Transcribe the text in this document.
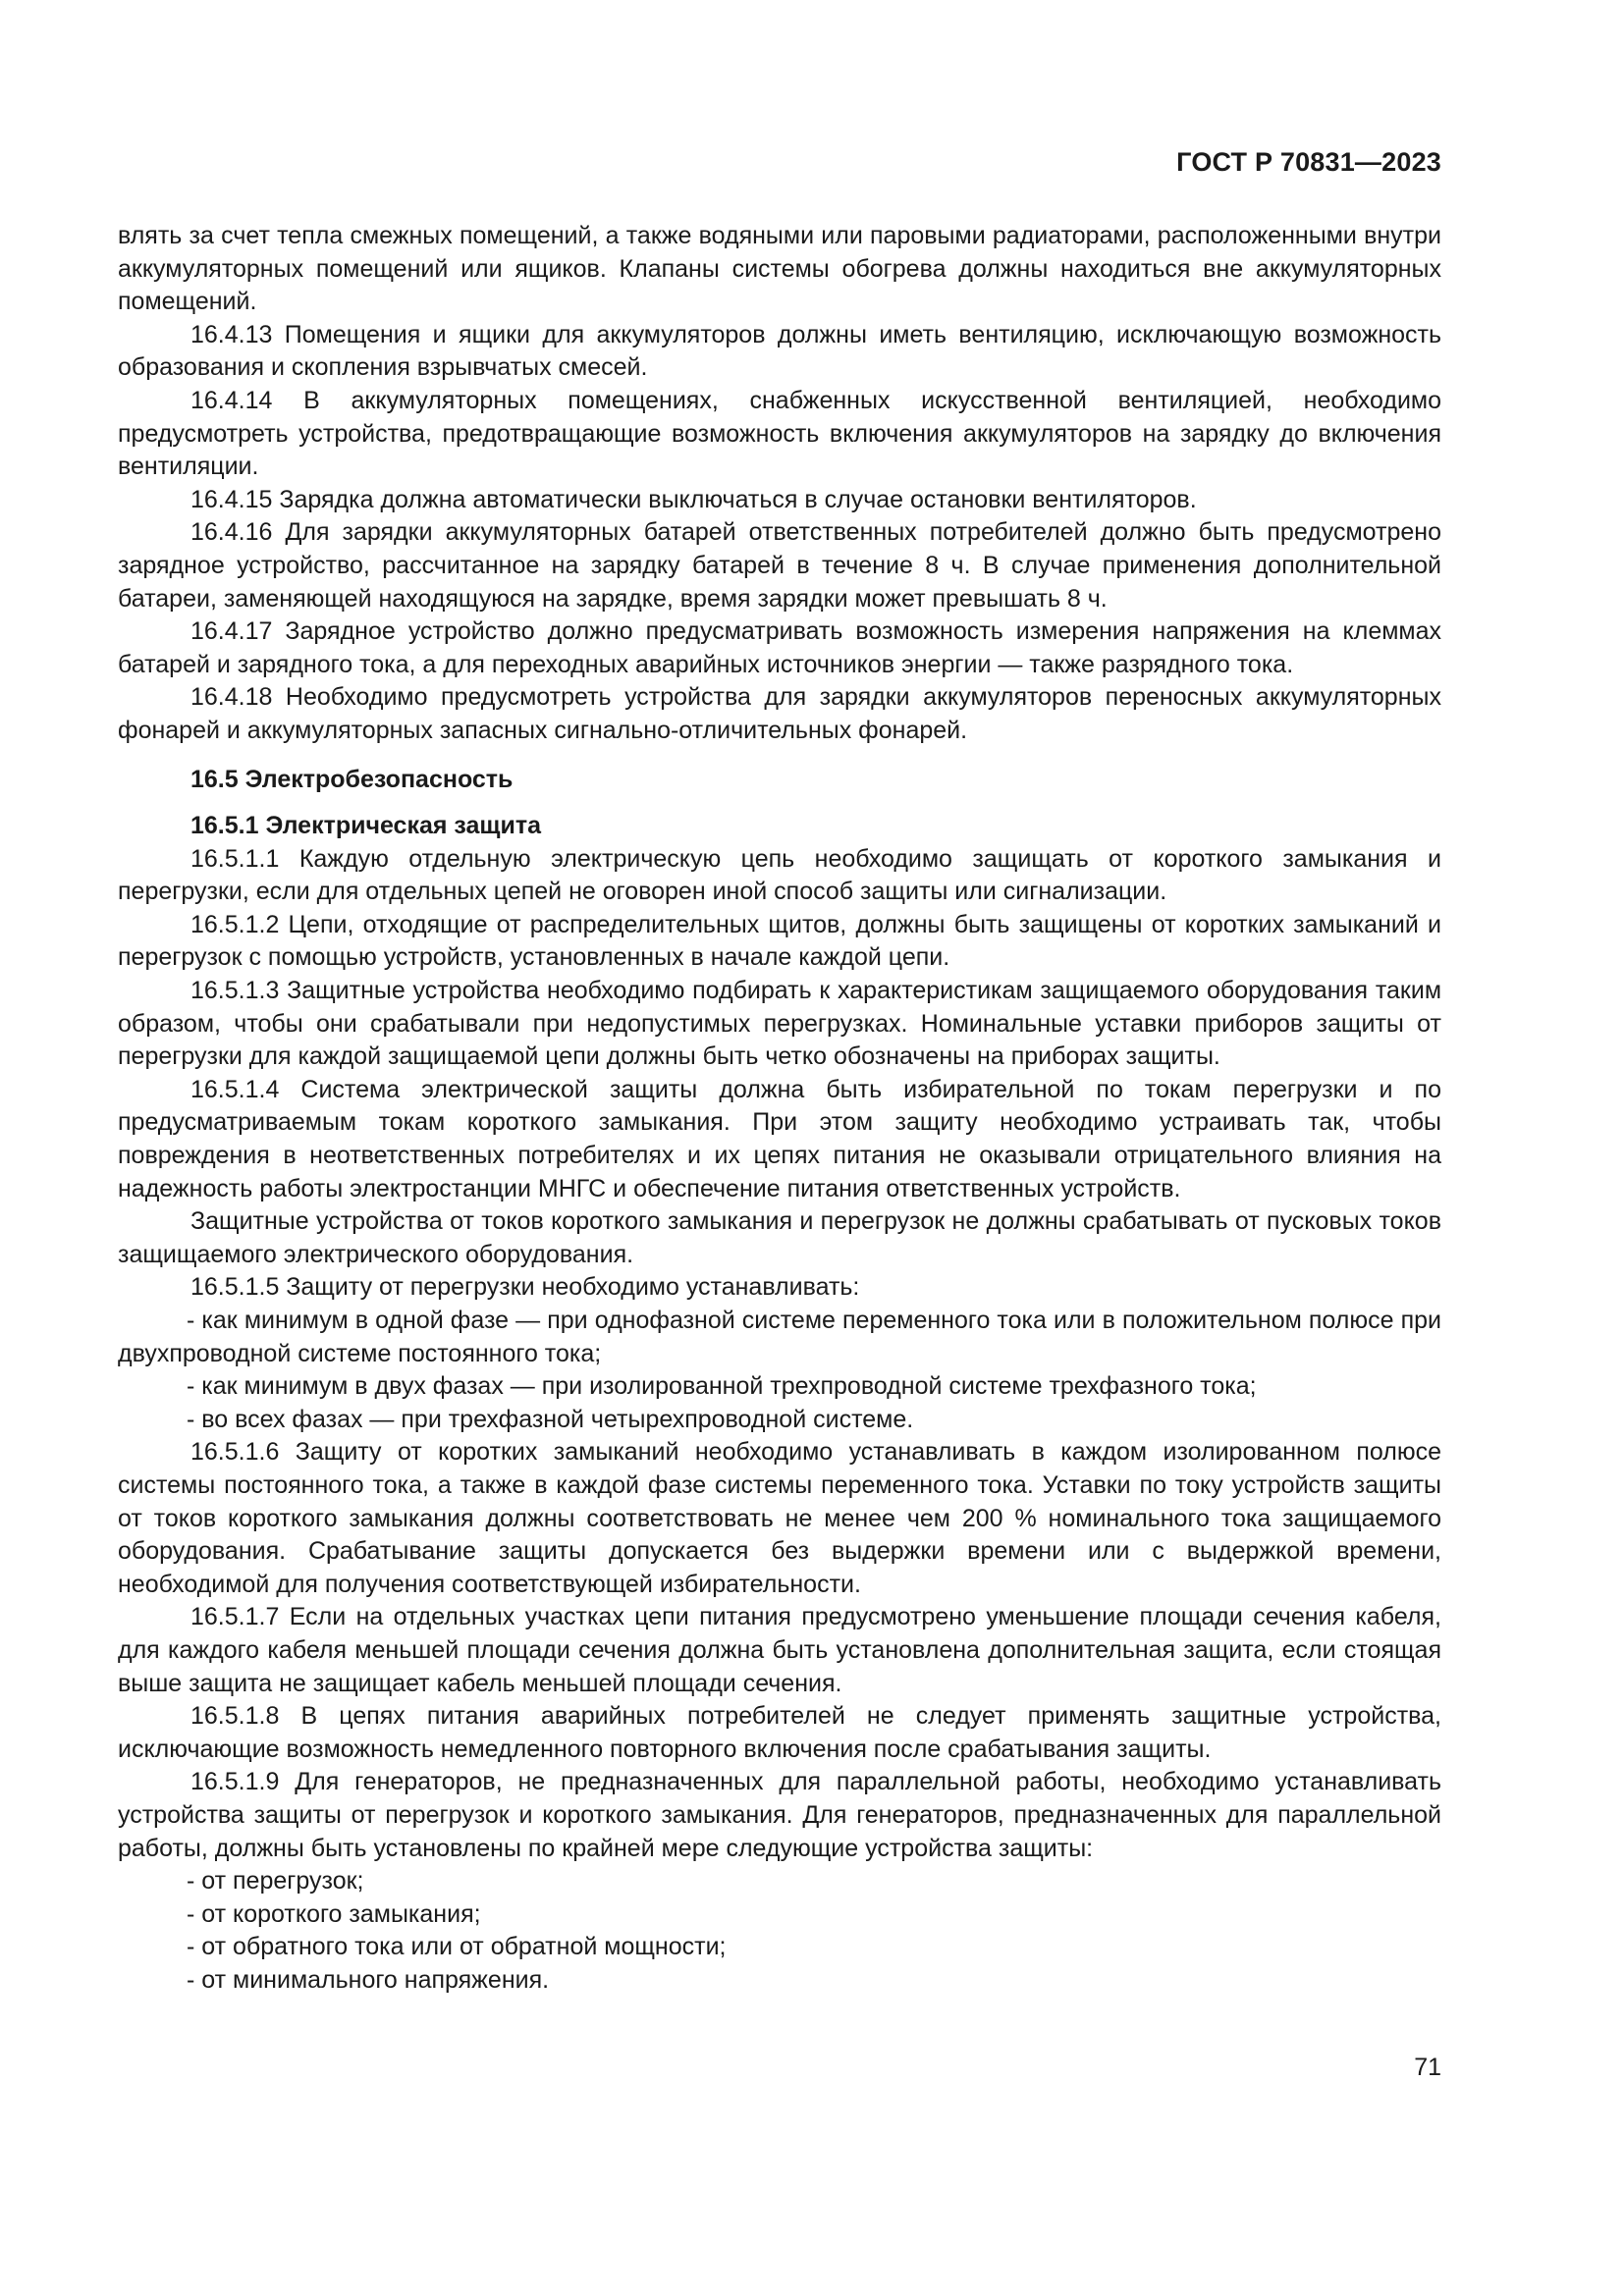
ГОСТ Р 70831—2023

влять за счет тепла смежных помещений, а также водяными или паровыми радиаторами, расположенными внутри аккумуляторных помещений или ящиков. Клапаны системы обогрева должны находиться вне аккумуляторных помещений.

16.4.13 Помещения и ящики для аккумуляторов должны иметь вентиляцию, исключающую возможность образования и скопления взрывчатых смесей.

16.4.14 В аккумуляторных помещениях, снабженных искусственной вентиляцией, необходимо предусмотреть устройства, предотвращающие возможность включения аккумуляторов на зарядку до включения вентиляции.

16.4.15 Зарядка должна автоматически выключаться в случае остановки вентиляторов.

16.4.16 Для зарядки аккумуляторных батарей ответственных потребителей должно быть предусмотрено зарядное устройство, рассчитанное на зарядку батарей в течение 8 ч. В случае применения дополнительной батареи, заменяющей находящуюся на зарядке, время зарядки может превышать 8 ч.

16.4.17 Зарядное устройство должно предусматривать возможность измерения напряжения на клеммах батарей и зарядного тока, а для переходных аварийных источников энергии — также разрядного тока.

16.4.18 Необходимо предусмотреть устройства для зарядки аккумуляторов переносных аккумуляторных фонарей и аккумуляторных запасных сигнально-отличительных фонарей.

16.5 Электробезопасность
16.5.1 Электрическая защита

16.5.1.1 Каждую отдельную электрическую цепь необходимо защищать от короткого замыкания и перегрузки, если для отдельных цепей не оговорен иной способ защиты или сигнализации.

16.5.1.2 Цепи, отходящие от распределительных щитов, должны быть защищены от коротких замыканий и перегрузок с помощью устройств, установленных в начале каждой цепи.

16.5.1.3 Защитные устройства необходимо подбирать к характеристикам защищаемого оборудования таким образом, чтобы они срабатывали при недопустимых перегрузках. Номинальные уставки приборов защиты от перегрузки для каждой защищаемой цепи должны быть четко обозначены на приборах защиты.

16.5.1.4 Система электрической защиты должна быть избирательной по токам перегрузки и по предусматриваемым токам короткого замыкания. При этом защиту необходимо устраивать так, чтобы повреждения в неответственных потребителях и их цепях питания не оказывали отрицательного влияния на надежность работы электростанции МНГС и обеспечение питания ответственных устройств.

Защитные устройства от токов короткого замыкания и перегрузок не должны срабатывать от пусковых токов защищаемого электрического оборудования.

16.5.1.5 Защиту от перегрузки необходимо устанавливать:

- как минимум в одной фазе — при однофазной системе переменного тока или в положительном полюсе при двухпроводной системе постоянного тока;

- как минимум в двух фазах — при изолированной трехпроводной системе трехфазного тока;

- во всех фазах — при трехфазной четырехпроводной системе.

16.5.1.6 Защиту от коротких замыканий необходимо устанавливать в каждом изолированном полюсе системы постоянного тока, а также в каждой фазе системы переменного тока. Уставки по току устройств защиты от токов короткого замыкания должны соответствовать не менее чем 200 % номинального тока защищаемого оборудования. Срабатывание защиты допускается без выдержки времени или с выдержкой времени, необходимой для получения соответствующей избирательности.

16.5.1.7 Если на отдельных участках цепи питания предусмотрено уменьшение площади сечения кабеля, для каждого кабеля меньшей площади сечения должна быть установлена дополнительная защита, если стоящая выше защита не защищает кабель меньшей площади сечения.

16.5.1.8 В цепях питания аварийных потребителей не следует применять защитные устройства, исключающие возможность немедленного повторного включения после срабатывания защиты.

16.5.1.9 Для генераторов, не предназначенных для параллельной работы, необходимо устанавливать устройства защиты от перегрузок и короткого замыкания. Для генераторов, предназначенных для параллельной работы, должны быть установлены по крайней мере следующие устройства защиты:

- от перегрузок;

- от короткого замыкания;

- от обратного тока или от обратной мощности;

- от минимального напряжения.

71
